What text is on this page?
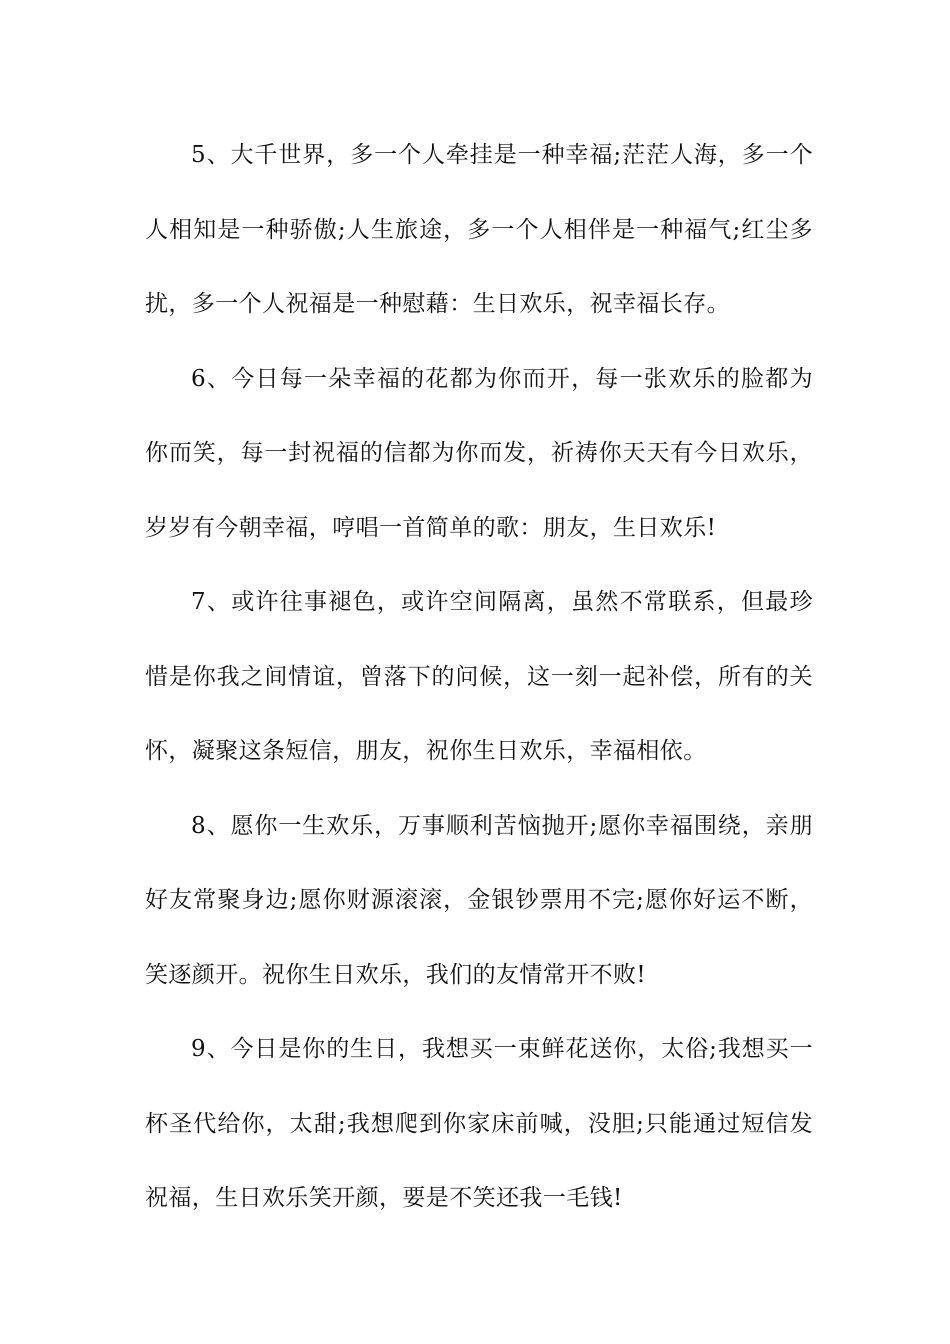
5、大千世界，多一个人牵挂是一种幸福;茫茫人海，多一个人相知是一种骄傲;人生旅途，多一个人相伴是一种福气;红尘多扰，多一个人祝福是一种慰藉：生日欢乐，祝幸福长存。

6、今日每一朵幸福的花都为你而开，每一张欢乐的脸都为你而笑，每一封祝福的信都为你而发，祈祷你天天有今日欢乐，岁岁有今朝幸福，哼唱一首简单的歌：朋友，生日欢乐!

7、或许往事褪色，或许空间隔离，虽然不常联系，但最珍惜是你我之间情谊，曾落下的问候，这一刻一起补偿，所有的关怀，凝聚这条短信，朋友，祝你生日欢乐，幸福相依。

8、愿你一生欢乐，万事顺利苦恼抛开;愿你幸福围绕，亲朋好友常聚身边;愿你财源滚滚，金银钞票用不完;愿你好运不断，笑逐颜开。祝你生日欢乐，我们的友情常开不败!

9、今日是你的生日，我想买一束鲜花送你，太俗;我想买一杯圣代给你，太甜;我想爬到你家床前喊，没胆;只能通过短信发祝福，生日欢乐笑开颜，要是不笑还我一毛钱!
